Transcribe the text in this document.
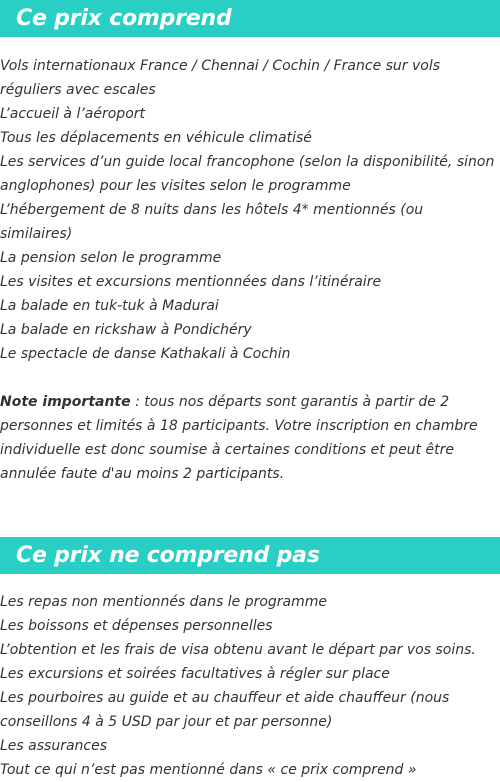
Ce prix comprend
Vols internationaux France / Chennai / Cochin / France sur vols réguliers avec escales
L’accueil à l’aéroport
Tous les déplacements en véhicule climatisé
Les services d’un guide local francophone (selon la disponibilité, sinon anglophones) pour les visites selon le programme
L’hébergement de 8 nuits dans les hôtels 4* mentionnés (ou similaires)
La pension selon le programme
Les visites et excursions mentionnées dans l’itinéraire
La balade en tuk-tuk à Madurai
La balade en rickshaw à Pondichéry
Le spectacle de danse Kathakali à Cochin
Note importante : tous nos départs sont garantis à partir de 2 personnes et limités à 18 participants. Votre inscription en chambre individuelle est donc soumise à certaines conditions et peut être annulée faute d'au moins 2 participants.
Ce prix ne comprend pas
Les repas non mentionnés dans le programme
Les boissons et dépenses personnelles
L’obtention et les frais de visa obtenu avant le départ par vos soins.
Les excursions et soirées facultatives à régler sur place
Les pourboires au guide et au chauffeur et aide chauffeur (nous conseillons 4 à 5 USD par jour et par personne)
Les assurances
Tout ce qui n’est pas mentionné dans « ce prix comprend »
